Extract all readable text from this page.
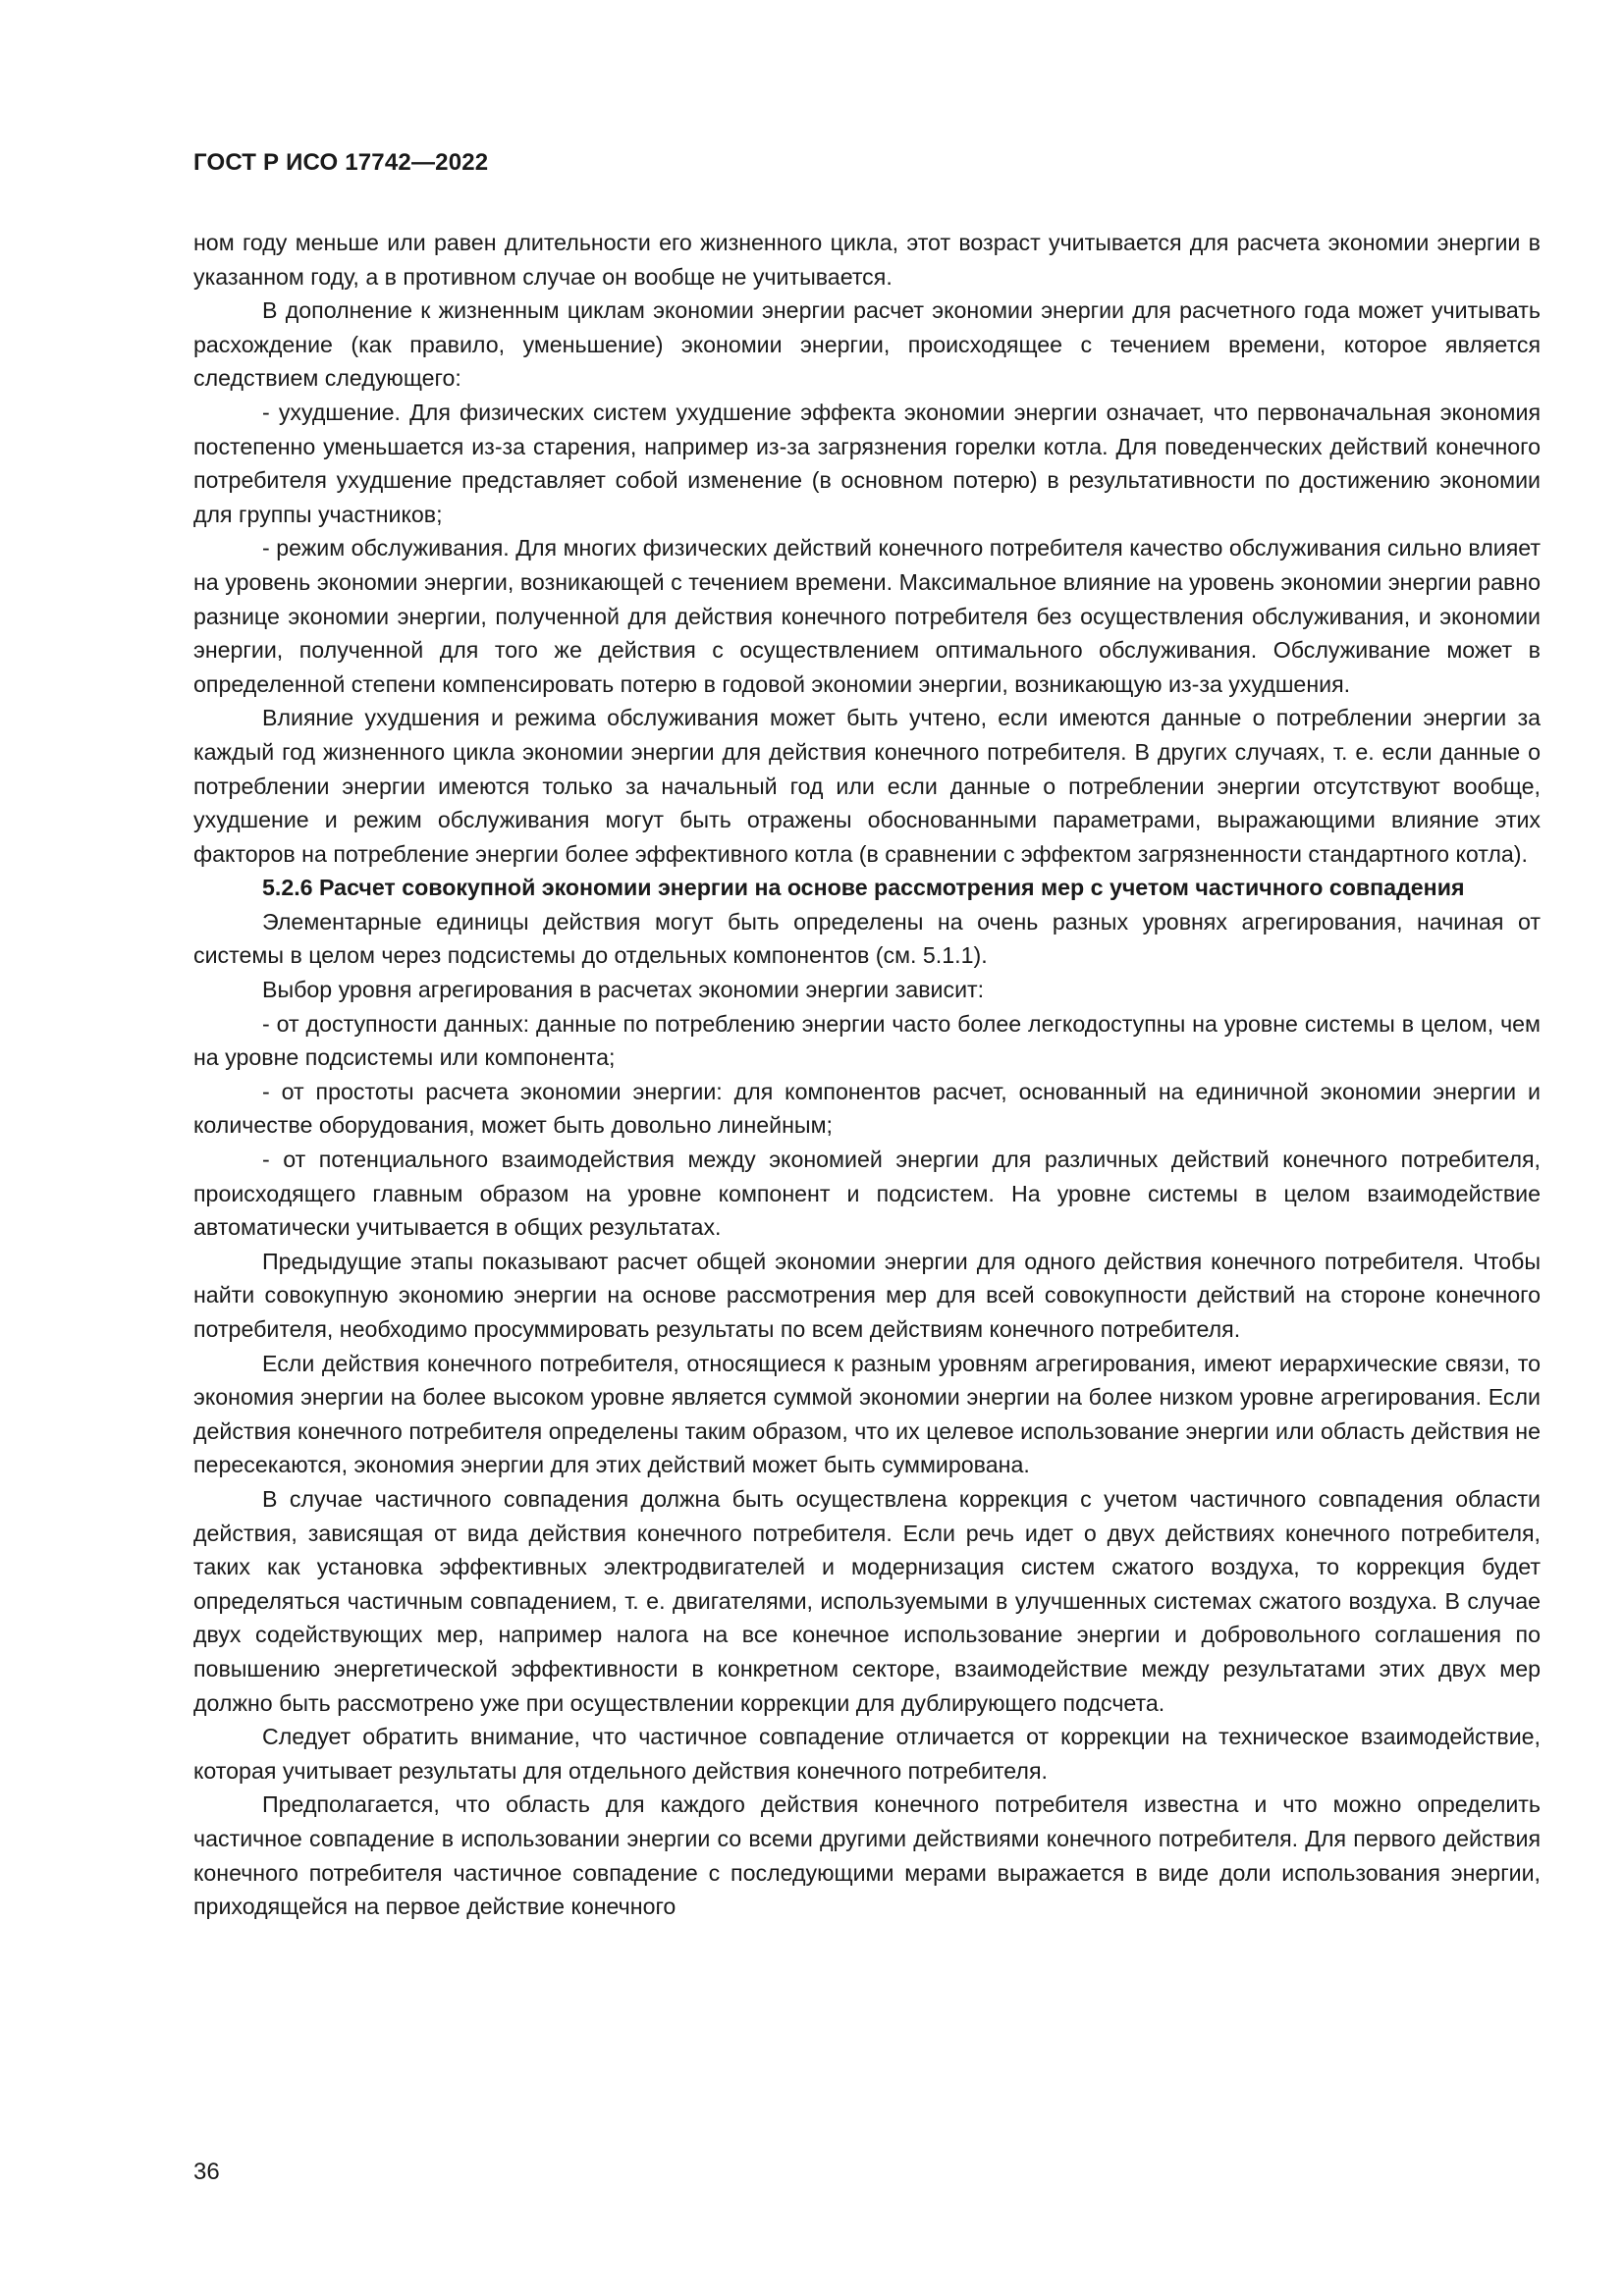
ГОСТ Р ИСО 17742—2022

ном году меньше или равен длительности его жизненного цикла, этот возраст учитывается для расчета экономии энергии в указанном году, а в противном случае он вообще не учитывается.

В дополнение к жизненным циклам экономии энергии расчет экономии энергии для расчетного года может учитывать расхождение (как правило, уменьшение) экономии энергии, происходящее с течением времени, которое является следствием следующего:

- ухудшение. Для физических систем ухудшение эффекта экономии энергии означает, что первоначальная экономия постепенно уменьшается из-за старения, например из-за загрязнения горелки котла. Для поведенческих действий конечного потребителя ухудшение представляет собой изменение (в основном потерю) в результативности по достижению экономии для группы участников;

- режим обслуживания. Для многих физических действий конечного потребителя качество обслуживания сильно влияет на уровень экономии энергии, возникающей с течением времени. Максимальное влияние на уровень экономии энергии равно разнице экономии энергии, полученной для действия конечного потребителя без осуществления обслуживания, и экономии энергии, полученной для того же действия с осуществлением оптимального обслуживания. Обслуживание может в определенной степени компенсировать потерю в годовой экономии энергии, возникающую из-за ухудшения.

Влияние ухудшения и режима обслуживания может быть учтено, если имеются данные о потреблении энергии за каждый год жизненного цикла экономии энергии для действия конечного потребителя. В других случаях, т. е. если данные о потреблении энергии имеются только за начальный год или если данные о потреблении энергии отсутствуют вообще, ухудшение и режим обслуживания могут быть отражены обоснованными параметрами, выражающими влияние этих факторов на потребление энергии более эффективного котла (в сравнении с эффектом загрязненности стандартного котла).

5.2.6 Расчет совокупной экономии энергии на основе рассмотрения мер с учетом частичного совпадения

Элементарные единицы действия могут быть определены на очень разных уровнях агрегирования, начиная от системы в целом через подсистемы до отдельных компонентов (см. 5.1.1).

Выбор уровня агрегирования в расчетах экономии энергии зависит:

- от доступности данных: данные по потреблению энергии часто более легкодоступны на уровне системы в целом, чем на уровне подсистемы или компонента;

- от простоты расчета экономии энергии: для компонентов расчет, основанный на единичной экономии энергии и количестве оборудования, может быть довольно линейным;

- от потенциального взаимодействия между экономией энергии для различных действий конечного потребителя, происходящего главным образом на уровне компонент и подсистем. На уровне системы в целом взаимодействие автоматически учитывается в общих результатах.

Предыдущие этапы показывают расчет общей экономии энергии для одного действия конечного потребителя. Чтобы найти совокупную экономию энергии на основе рассмотрения мер для всей совокупности действий на стороне конечного потребителя, необходимо просуммировать результаты по всем действиям конечного потребителя.

Если действия конечного потребителя, относящиеся к разным уровням агрегирования, имеют иерархические связи, то экономия энергии на более высоком уровне является суммой экономии энергии на более низком уровне агрегирования. Если действия конечного потребителя определены таким образом, что их целевое использование энергии или область действия не пересекаются, экономия энергии для этих действий может быть суммирована.

В случае частичного совпадения должна быть осуществлена коррекция с учетом частичного совпадения области действия, зависящая от вида действия конечного потребителя. Если речь идет о двух действиях конечного потребителя, таких как установка эффективных электродвигателей и модернизация систем сжатого воздуха, то коррекция будет определяться частичным совпадением, т. е. двигателями, используемыми в улучшенных системах сжатого воздуха. В случае двух содействующих мер, например налога на все конечное использование энергии и добровольного соглашения по повышению энергетической эффективности в конкретном секторе, взаимодействие между результатами этих двух мер должно быть рассмотрено уже при осуществлении коррекции для дублирующего подсчета.

Следует обратить внимание, что частичное совпадение отличается от коррекции на техническое взаимодействие, которая учитывает результаты для отдельного действия конечного потребителя.

Предполагается, что область для каждого действия конечного потребителя известна и что можно определить частичное совпадение в использовании энергии со всеми другими действиями конечного потребителя. Для первого действия конечного потребителя частичное совпадение с последующими мерами выражается в виде доли использования энергии, приходящейся на первое действие конечного

36
